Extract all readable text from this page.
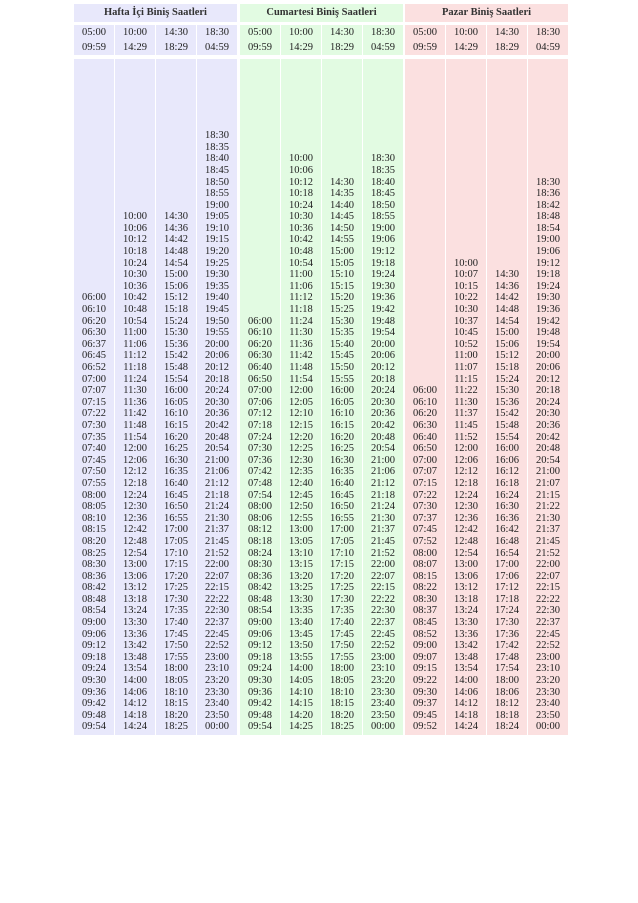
Hafta İçi Biniş Saatleri
05:00
09:59
10:00
14:29
14:30
18:29
18:30
04:59
06:00
06:10
06:20
06:30
06:37
06:45
06:52
07:00
07:07
07:15
07:22
07:30
07:35
07:40
07:45
07:50
07:55
08:00
08:05
08:10
08:15
08:20
08:25
08:30
08:36
08:42
08:48
08:54
09:00
09:06
09:12
09:18
09:24
09:30
09:36
09:42
09:48
09:54
10:00
10:06
10:12
10:18
10:24
10:30
10:36
10:42
10:48
10:54
11:00
11:06
11:12
11:18
11:24
11:30
11:36
11:42
11:48
11:54
12:00
12:06
12:12
12:18
12:24
12:30
12:36
12:42
12:48
12:54
13:00
13:06
13:12
13:18
13:24
13:30
13:36
13:42
13:48
13:54
14:00
14:06
14:12
14:18
14:24
14:30
14:36
14:42
14:48
14:54
15:00
15:06
15:12
15:18
15:24
15:30
15:36
15:42
15:48
15:54
16:00
16:05
16:10
16:15
16:20
16:25
16:30
16:35
16:40
16:45
16:50
16:55
17:00
17:05
17:10
17:15
17:20
17:25
17:30
17:35
17:40
17:45
17:50
17:55
18:00
18:05
18:10
18:15
18:20
18:25
18:30
18:35
18:40
18:45
18:50
18:55
19:00
19:05
19:10
19:15
19:20
19:25
19:30
19:35
19:40
19:45
19:50
19:55
20:00
20:06
20:12
20:18
20:24
20:30
20:36
20:42
20:48
20:54
21:00
21:06
21:12
21:18
21:24
21:30
21:37
21:45
21:52
22:00
22:07
22:15
22:22
22:30
22:37
22:45
22:52
23:00
23:10
23:20
23:30
23:40
23:50
00:00
Cumartesi Biniş Saatleri
05:00
09:59
10:00
14:29
14:30
18:29
18:30
04:59
06:00
06:10
06:20
06:30
06:40
06:50
07:00
07:06
07:12
07:18
07:24
07:30
07:36
07:42
07:48
07:54
08:00
08:06
08:12
08:18
08:24
08:30
08:36
08:42
08:48
08:54
09:00
09:06
09:12
09:18
09:24
09:30
09:36
09:42
09:48
09:54
10:00
10:06
10:12
10:18
10:24
10:30
10:36
10:42
10:48
10:54
11:00
11:06
11:12
11:18
11:24
11:30
11:36
11:42
11:48
11:54
12:00
12:05
12:10
12:15
12:20
12:25
12:30
12:35
12:40
12:45
12:50
12:55
13:00
13:05
13:10
13:15
13:20
13:25
13:30
13:35
13:40
13:45
13:50
13:55
14:00
14:05
14:10
14:15
14:20
14:25
14:30
14:35
14:40
14:45
14:50
14:55
15:00
15:05
15:10
15:15
15:20
15:25
15:30
15:35
15:40
15:45
15:50
15:55
16:00
16:05
16:10
16:15
16:20
16:25
16:30
16:35
16:40
16:45
16:50
16:55
17:00
17:05
17:10
17:15
17:20
17:25
17:30
17:35
17:40
17:45
17:50
17:55
18:00
18:05
18:10
18:15
18:20
18:25
18:30
18:35
18:40
18:45
18:50
18:55
19:00
19:06
19:12
19:18
19:24
19:30
19:36
19:42
19:48
19:54
20:00
20:06
20:12
20:18
20:24
20:30
20:36
20:42
20:48
20:54
21:00
21:06
21:12
21:18
21:24
21:30
21:37
21:45
21:52
22:00
22:07
22:15
22:22
22:30
22:37
22:45
22:52
23:00
23:10
23:20
23:30
23:40
23:50
00:00
Pazar Biniş Saatleri
05:00
09:59
10:00
14:29
14:30
18:29
18:30
04:59
06:00
06:10
06:20
06:30
06:40
06:50
07:00
07:07
07:15
07:22
07:30
07:37
07:45
07:52
08:00
08:07
08:15
08:22
08:30
08:37
08:45
08:52
09:00
09:07
09:15
09:22
09:30
09:37
09:45
09:52
10:00
10:07
10:15
10:22
10:30
10:37
10:45
10:52
11:00
11:07
11:15
11:22
11:30
11:37
11:45
11:52
12:00
12:06
12:12
12:18
12:24
12:30
12:36
12:42
12:48
12:54
13:00
13:06
13:12
13:18
13:24
13:30
13:36
13:42
13:48
13:54
14:00
14:06
14:12
14:18
14:24
14:30
14:36
14:42
14:48
14:54
15:00
15:06
15:12
15:18
15:24
15:30
15:36
15:42
15:48
15:54
16:00
16:06
16:12
16:18
16:24
16:30
16:36
16:42
16:48
16:54
17:00
17:06
17:12
17:18
17:24
17:30
17:36
17:42
17:48
17:54
18:00
18:06
18:12
18:18
18:24
18:30
18:36
18:42
18:48
18:54
19:00
19:06
19:12
19:18
19:24
19:30
19:36
19:42
19:48
19:54
20:00
20:06
20:12
20:18
20:24
20:30
20:36
20:42
20:48
20:54
21:00
21:07
21:15
21:22
21:30
21:37
21:45
21:52
22:00
22:07
22:15
22:22
22:30
22:37
22:45
22:52
23:00
23:10
23:20
23:30
23:40
23:50
00:00
